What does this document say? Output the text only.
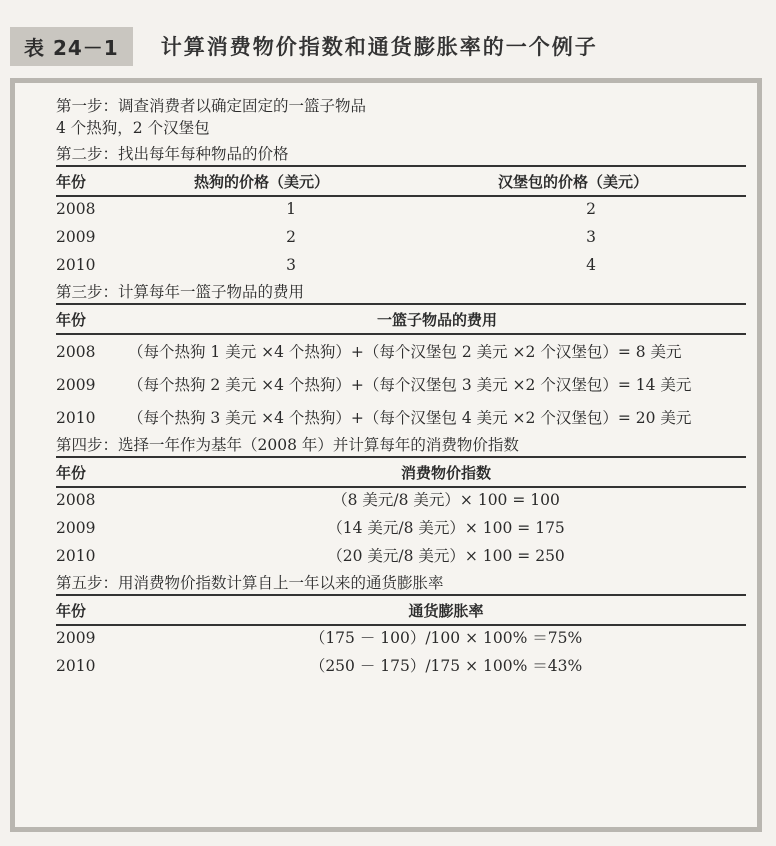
表 24－1	计算消费物价指数和通货膨胀率的一个例子

第一步：调查消费者以确定固定的一篮子物品

4 个热狗，2 个汉堡包

第二步：找出每年每种物品的价格

年份	热狗的价格（美元）	汉堡包的价格（美元）
2008	1	2
2009	2	3
2010	3	4

第三步：计算每年一篮子物品的费用

年份	一篮子物品的费用
2008	（每个热狗 1 美元 ×4 个热狗）+（每个汉堡包 2 美元 ×2 个汉堡包）= 8 美元
2009	（每个热狗 2 美元 ×4 个热狗）+（每个汉堡包 3 美元 ×2 个汉堡包）= 14 美元
2010	（每个热狗 3 美元 ×4 个热狗）+（每个汉堡包 4 美元 ×2 个汉堡包）= 20 美元

第四步：选择一年作为基年（2008 年）并计算每年的消费物价指数

年份	消费物价指数
2008	（8 美元/8 美元）× 100 = 100
2009	（14 美元/8 美元）× 100 = 175
2010	（20 美元/8 美元）× 100 = 250

第五步：用消费物价指数计算自上一年以来的通货膨胀率

年份	通货膨胀率
2009	（175 － 100）/100 × 100% ＝75%
2010	（250 － 175）/175 × 100% ＝43%
